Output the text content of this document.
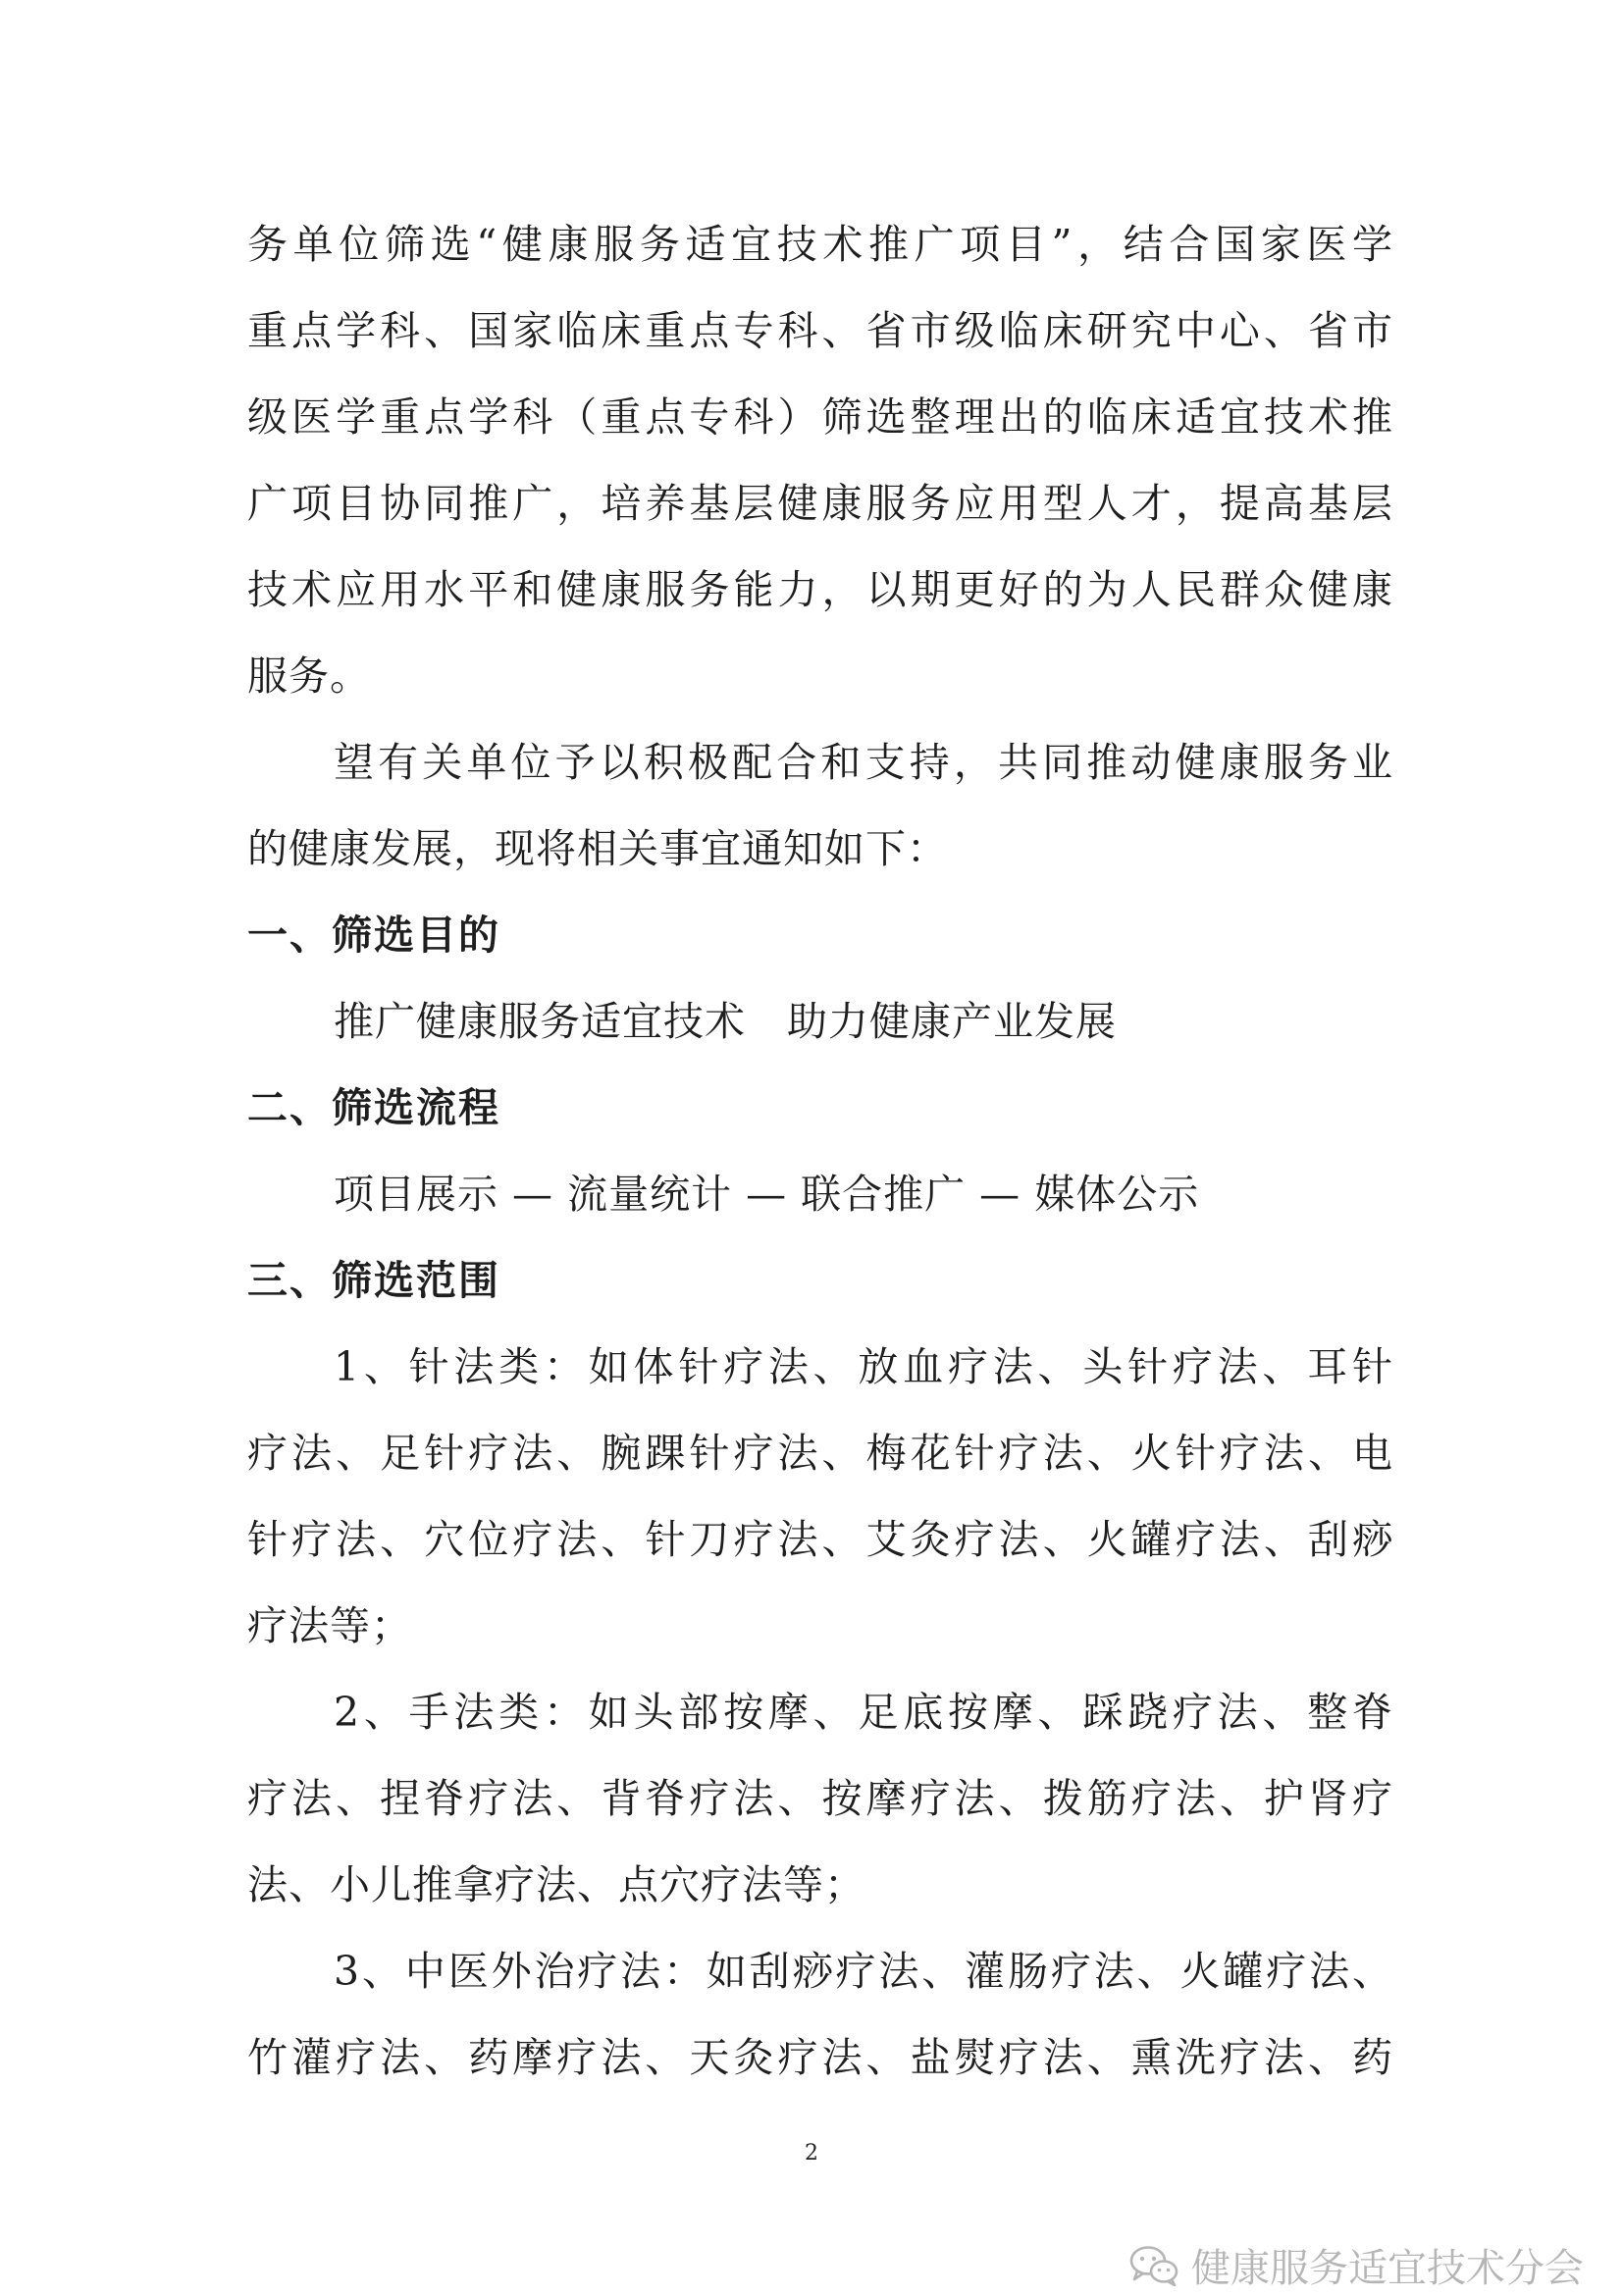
务单位筛选“健康服务适宜技术推广项目”，结合国家医学
重点学科、国家临床重点专科、省市级临床研究中心、省市
级医学重点学科（重点专科）筛选整理出的临床适宜技术推
广项目协同推广，培养基层健康服务应用型人才，提高基层
技术应用水平和健康服务能力，以期更好的为人民群众健康
服务。
望有关单位予以积极配合和支持，共同推动健康服务业
的健康发展，现将相关事宜通知如下：
一、筛选目的
推广健康服务适宜技术　助力健康产业发展
二、筛选流程
项目展示 — 流量统计 — 联合推广 — 媒体公示
三、筛选范围
1、针法类：如体针疗法、放血疗法、头针疗法、耳针
疗法、足针疗法、腕踝针疗法、梅花针疗法、火针疗法、电
针疗法、穴位疗法、针刀疗法、艾灸疗法、火罐疗法、刮痧
疗法等；
2、手法类：如头部按摩、足底按摩、踩跷疗法、整脊
疗法、捏脊疗法、背脊疗法、按摩疗法、拨筋疗法、护肾疗
法、小儿推拿疗法、点穴疗法等；
3、中医外治疗法：如刮痧疗法、灌肠疗法、火罐疗法、
竹灌疗法、药摩疗法、天灸疗法、盐熨疗法、熏洗疗法、药
2
健康服务适宜技术分会
